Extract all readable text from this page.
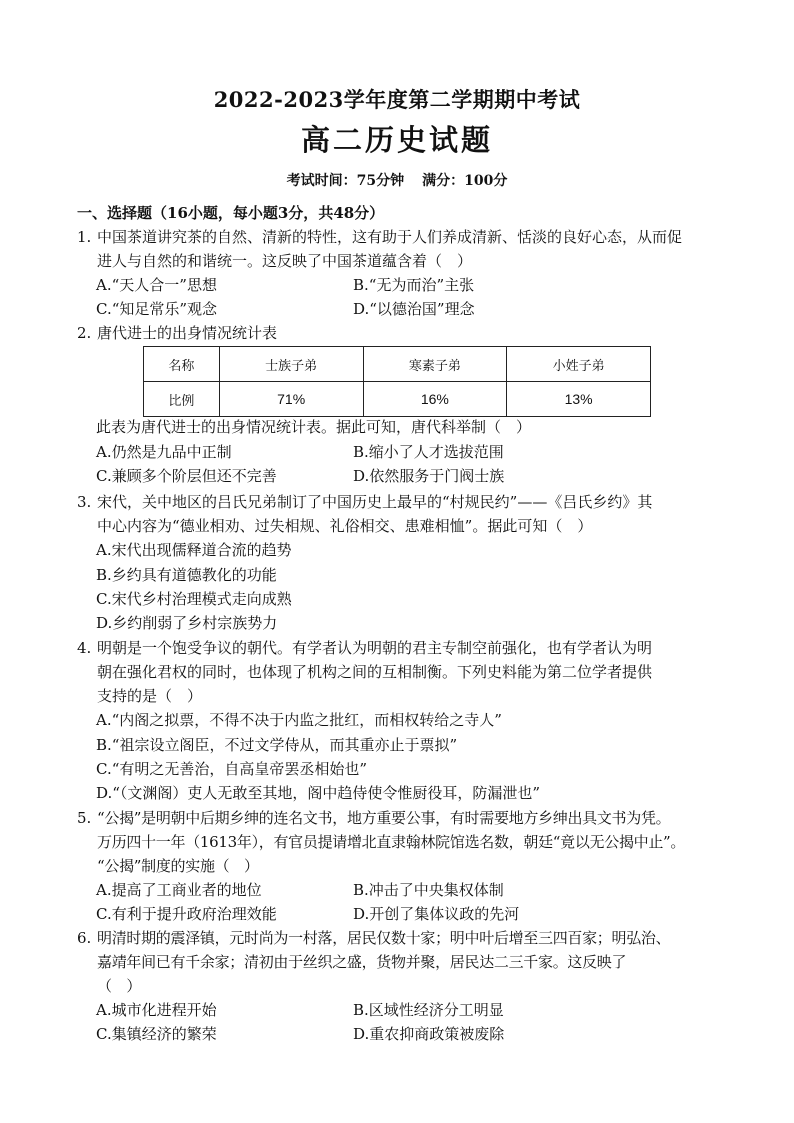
2022-2023学年度第二学期期中考试
高二历史试题
考试时间：75分钟 满分：100分
一、选择题（16小题，每小题3分，共48分）
1. 中国茶道讲究茶的自然、清新的特性，这有助于人们养成清新、恬淡的良好心态，从而促
进人与自然的和谐统一。这反映了中国茶道蕴含着（　）
A.“天人合一”思想	B.“无为而治”主张
C.“知足常乐”观念	D.“以德治国”理念
2. 唐代进士的出身情况统计表
名称	士族子弟	寒素子弟	小姓子弟
比例	71%	16%	13%
此表为唐代进士的出身情况统计表。据此可知，唐代科举制（　）
A.仍然是九品中正制	B.缩小了人才选拔范围
C.兼顾多个阶层但还不完善	D.依然服务于门阀士族
3. 宋代，关中地区的吕氏兄弟制订了中国历史上最早的“村规民约”——《吕氏乡约》其
中心内容为“德业相劝、过失相规、礼俗相交、患难相恤”。据此可知（　）
A.宋代出现儒释道合流的趋势
B.乡约具有道德教化的功能
C.宋代乡村治理模式走向成熟
D.乡约削弱了乡村宗族势力
4. 明朝是一个饱受争议的朝代。有学者认为明朝的君主专制空前强化，也有学者认为明
朝在强化君权的同时，也体现了机构之间的互相制衡。下列史料能为第二位学者提供
支持的是（　）
A.“内阁之拟票，不得不决于内监之批红，而相权转给之寺人”
B.“祖宗设立阁臣，不过文学侍从，而其重亦止于票拟”
C.“有明之无善治，自高皇帝罢丞相始也”
D.“（文渊阁）吏人无敢至其地，阁中趋侍使令惟厨役耳，防漏泄也”
5. “公揭”是明朝中后期乡绅的连名文书，地方重要公事，有时需要地方乡绅出具文书为凭。
万历四十一年（1613年），有官员提请增北直隶翰林院馆选名数，朝廷“竟以无公揭中止”。
“公揭”制度的实施（　）
A.提高了工商业者的地位	B.冲击了中央集权体制
C.有利于提升政府治理效能	D.开创了集体议政的先河
6. 明清时期的震泽镇，元时尚为一村落，居民仅数十家；明中叶后增至三四百家；明弘治、
嘉靖年间已有千余家；清初由于丝织之盛，货物并聚，居民达二三千家。这反映了
（　）
A.城市化进程开始	B.区域性经济分工明显
C.集镇经济的繁荣	D.重农抑商政策被废除
